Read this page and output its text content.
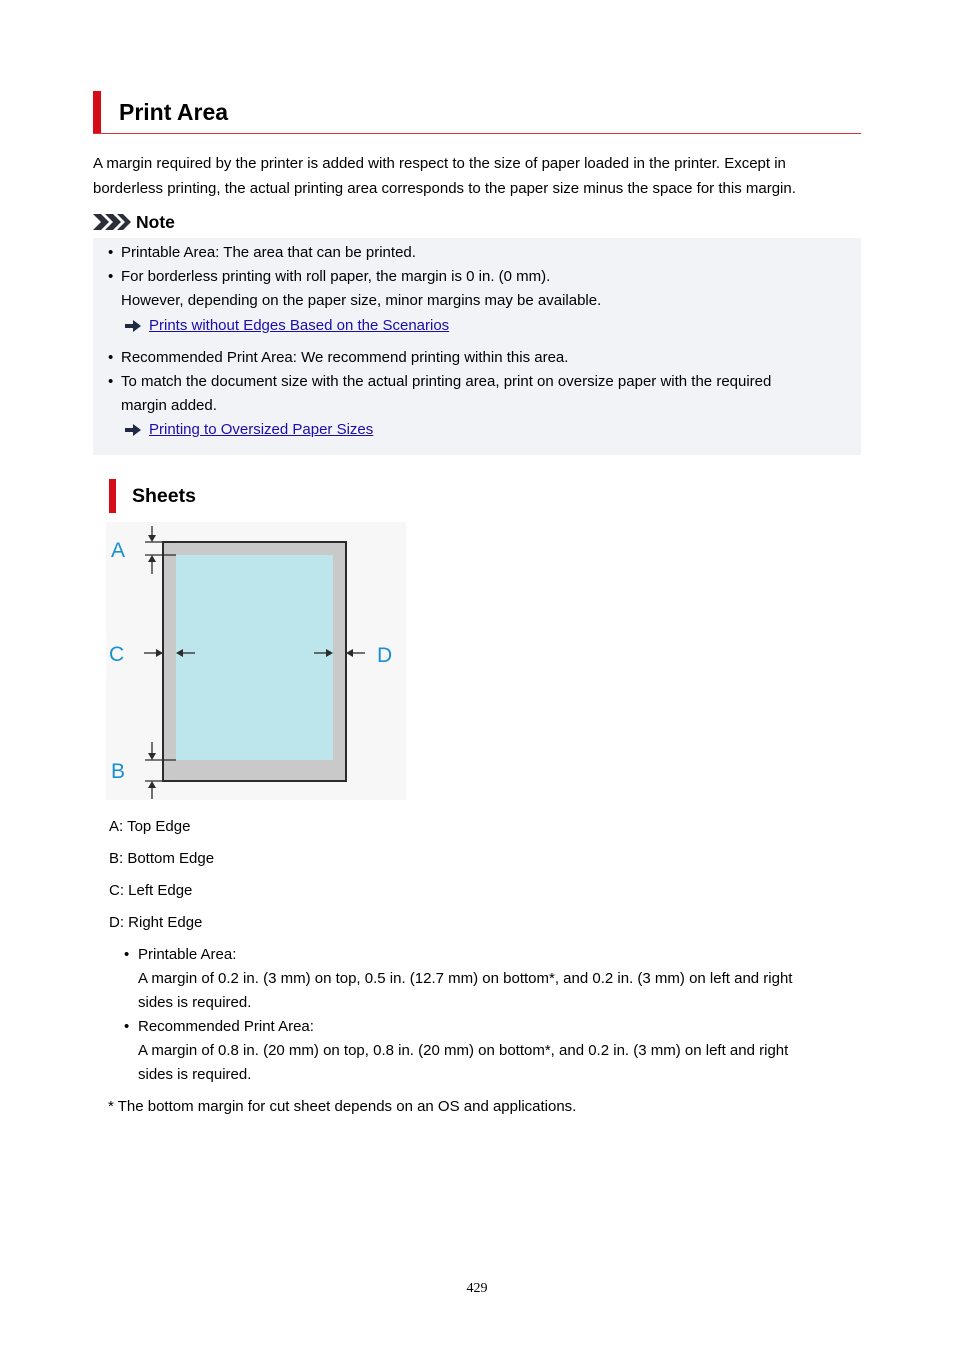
Print Area
A margin required by the printer is added with respect to the size of paper loaded in the printer. Except in
borderless printing, the actual printing area corresponds to the paper size minus the space for this margin.
Note
• Printable Area: The area that can be printed.
• For borderless printing with roll paper, the margin is 0 in. (0 mm).
However, depending on the paper size, minor margins may be available.
Prints without Edges Based on the Scenarios
• Recommended Print Area: We recommend printing within this area.
• To match the document size with the actual printing area, print on oversize paper with the required
margin added.
Printing to Oversized Paper Sizes
Sheets
A
B
C	D
A: Top Edge
B: Bottom Edge
C: Left Edge
D: Right Edge
• Printable Area:
A margin of 0.2 in. (3 mm) on top, 0.5 in. (12.7 mm) on bottom*, and 0.2 in. (3 mm) on left and right
sides is required.
• Recommended Print Area:
A margin of 0.8 in. (20 mm) on top, 0.8 in. (20 mm) on bottom*, and 0.2 in. (3 mm) on left and right
sides is required.
* The bottom margin for cut sheet depends on an OS and applications.
429
